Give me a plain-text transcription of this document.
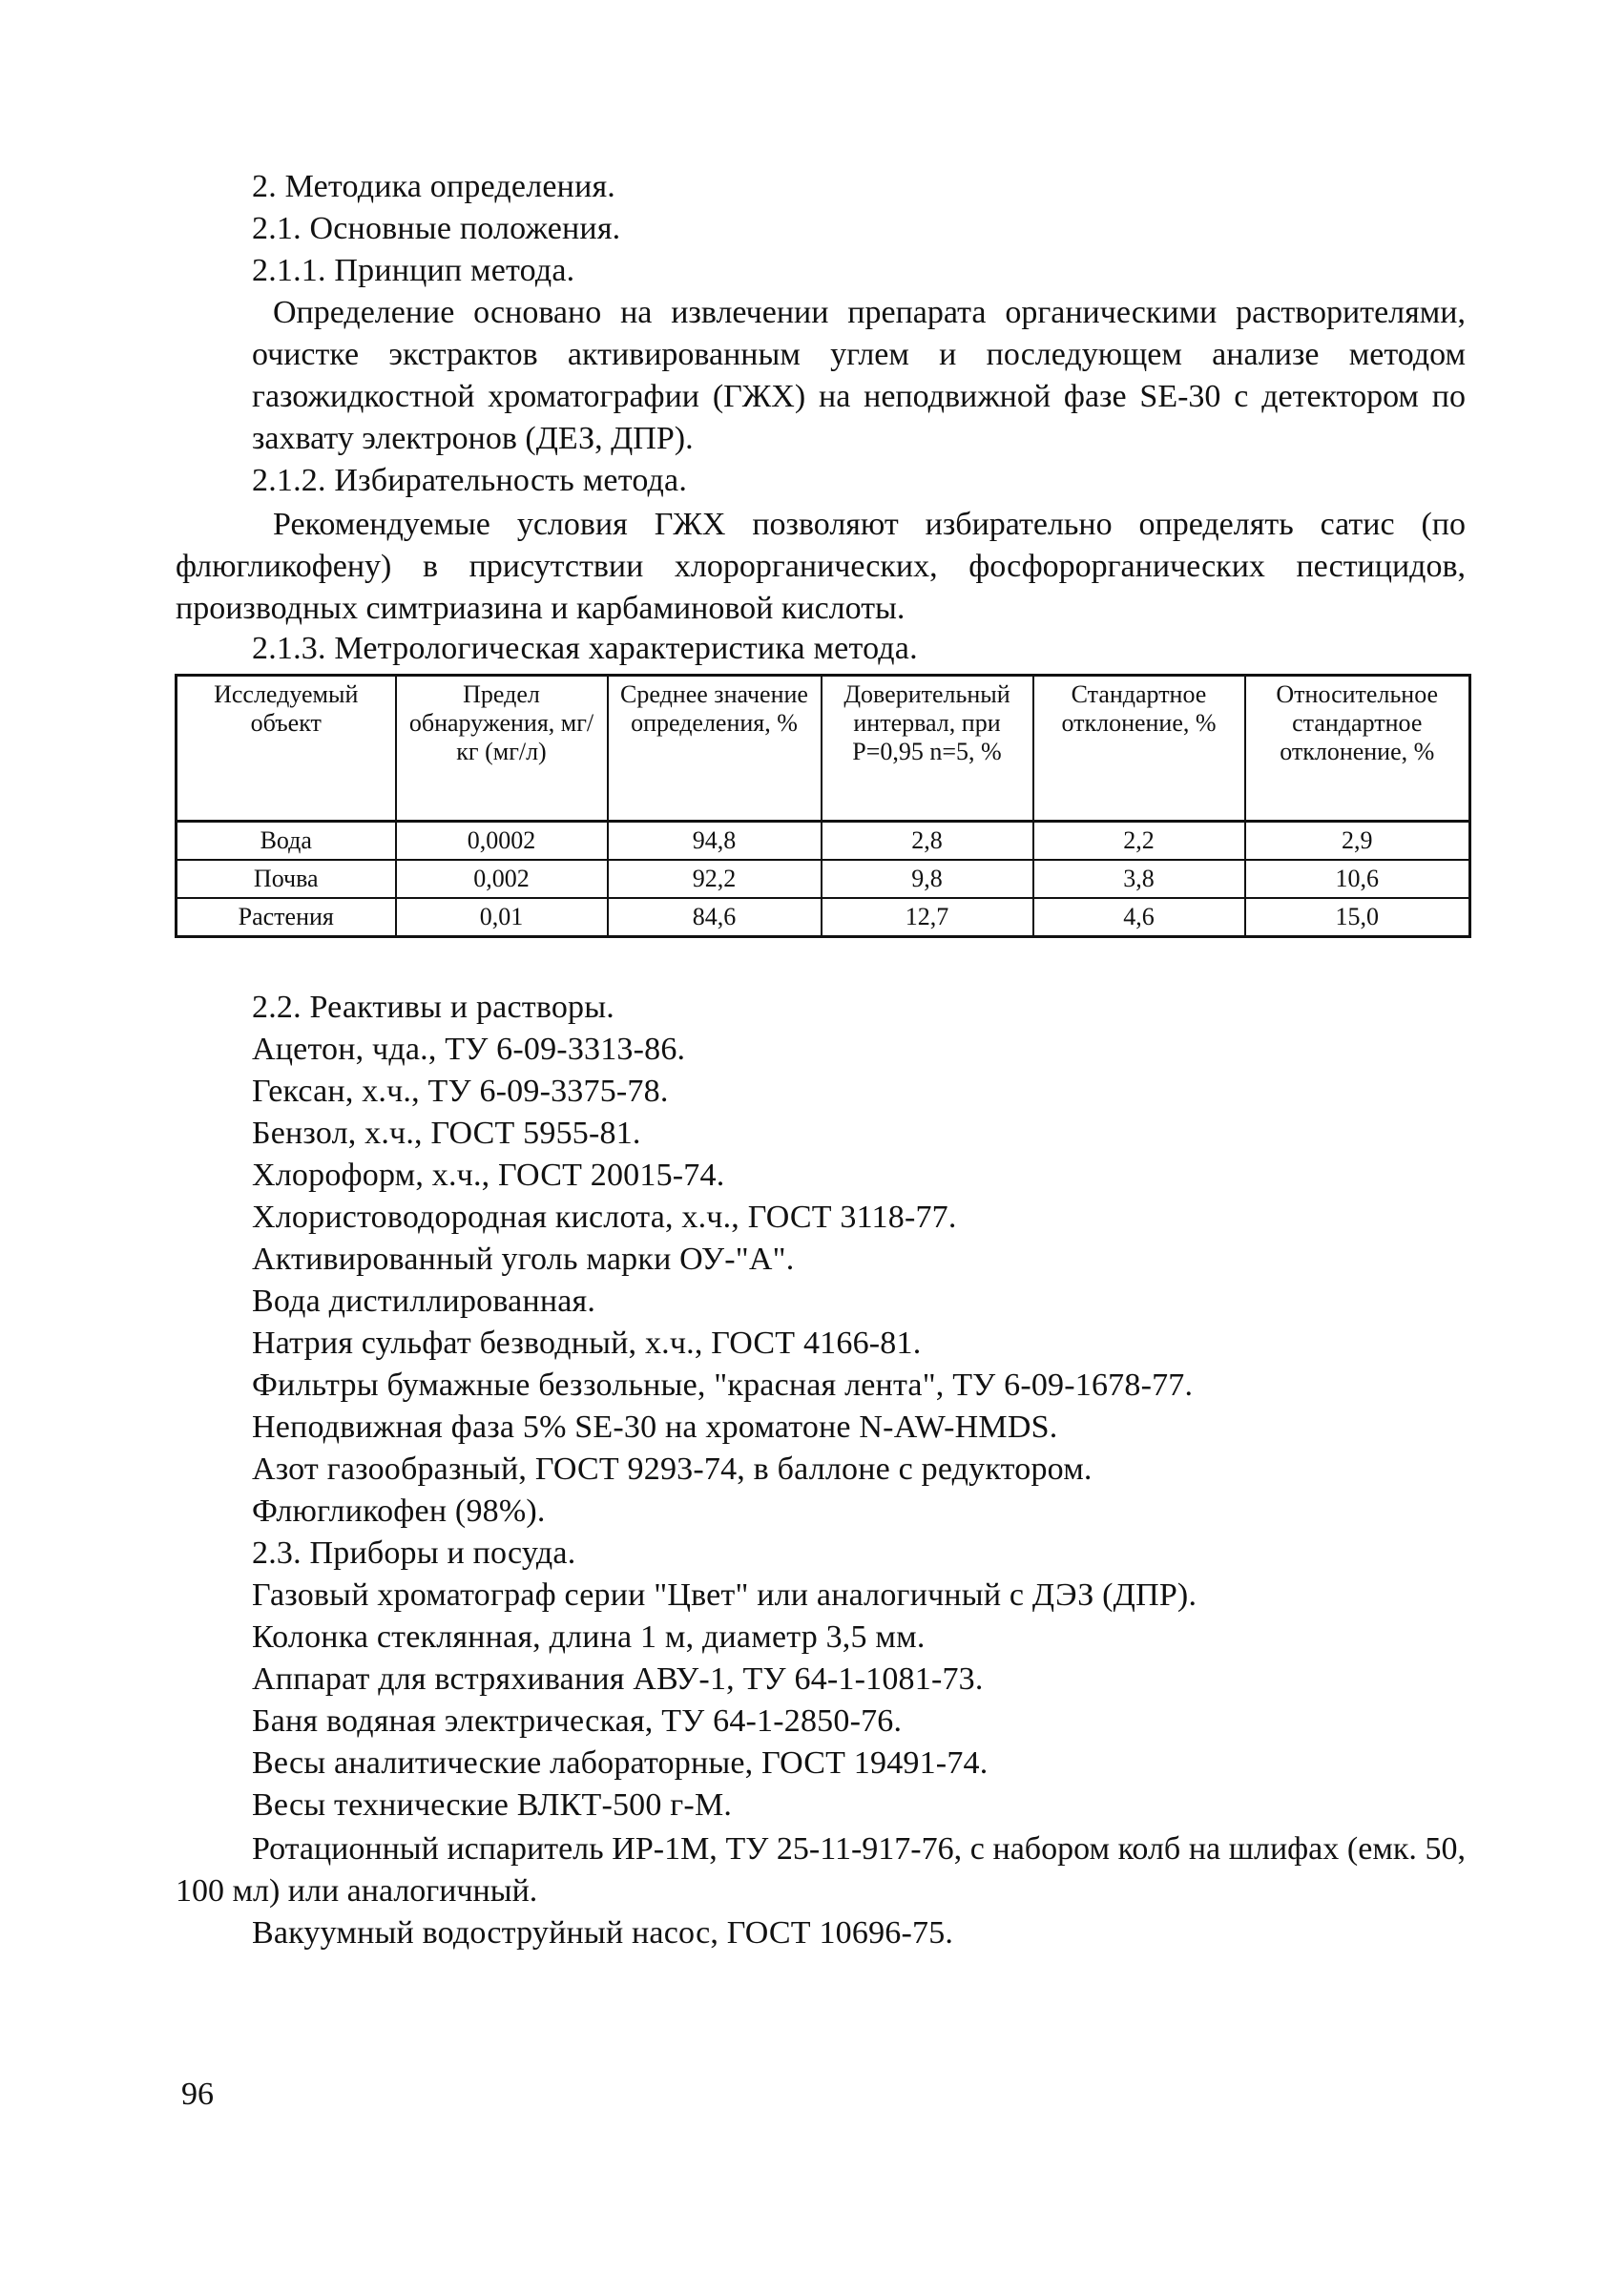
2. Методика определения.
2.1. Основные положения.
2.1.1. Принцип метода.
Определение основано на извлечении препарата органическими растворителями, очистке экстрактов активированным углем и последующем анализе методом газожидкостной хроматографии (ГЖХ) на неподвижной фазе SE-30 с детектором по захвату электронов (ДЕЗ, ДПР).
2.1.2. Избирательность метода.
Рекомендуемые условия ГЖХ позволяют избирательно определять сатис (по флюгликофену) в присутствии хлорорганических, фосфорорганических пестицидов, производных симтриазина и карбаминовой кислоты.
2.1.3. Метрологическая характеристика метода.
Исследуемый объект	Предел обнаружения, мг/кг (мг/л)	Среднее значение определения, %	Доверительный интервал, при Р=0,95 n=5, %	Стандартное отклонение, %	Относительное стандартное отклонение, %
Вода	0,0002	94,8	2,8	2,2	2,9
Почва	0,002	92,2	9,8	3,8	10,6
Растения	0,01	84,6	12,7	4,6	15,0
2.2. Реактивы и растворы.
Ацетон, чда., ТУ 6-09-3313-86.
Гексан, х.ч., ТУ 6-09-3375-78.
Бензол, х.ч., ГОСТ 5955-81.
Хлороформ, х.ч., ГОСТ 20015-74.
Хлористоводородная кислота, х.ч., ГОСТ 3118-77.
Активированный уголь марки ОУ-"А".
Вода дистиллированная.
Натрия сульфат безводный, х.ч., ГОСТ 4166-81.
Фильтры бумажные беззольные, "красная лента", ТУ 6-09-1678-77.
Неподвижная фаза 5% SE-30 на хроматоне N-AW-HMDS.
Азот газообразный, ГОСТ 9293-74, в баллоне с редуктором.
Флюгликофен (98%).
2.3. Приборы и посуда.
Газовый хроматограф серии "Цвет" или аналогичный с ДЭЗ (ДПР).
Колонка стеклянная, длина 1 м, диаметр 3,5 мм.
Аппарат для встряхивания АВУ-1, ТУ 64-1-1081-73.
Баня водяная электрическая, ТУ 64-1-2850-76.
Весы аналитические лабораторные, ГОСТ 19491-74.
Весы технические ВЛКТ-500 г-М.
Ротационный испаритель ИР-1М, ТУ 25-11-917-76, с набором колб на шлифах (емк. 50, 100 мл) или аналогичный.
Вакуумный водоструйный насос, ГОСТ 10696-75.
96
